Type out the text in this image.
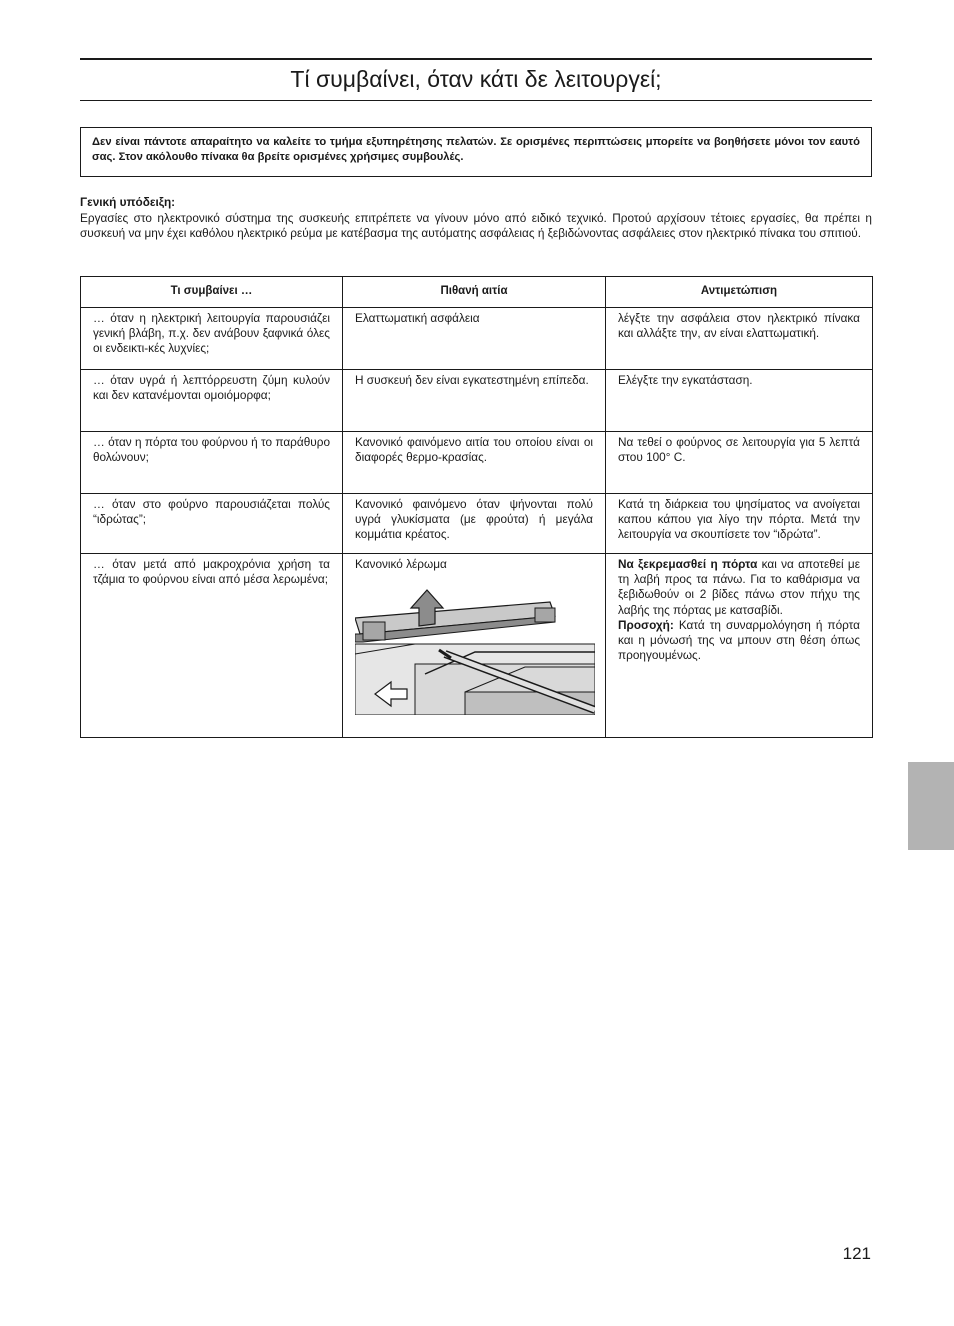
Tί συμβαίνει, όταν κάτι δε λειτουργεί;
Δεν είναι πάντοτε απαραίτητο να καλείτε το τμήμα εξυπηρέτησης πελατών. Σε ορισμένες περιπτώσεις μπορείτε να βοηθήσετε μόνοι τον εαυτό σας. Στον ακόλουθο πίνακα θα βρείτε ορισμένες χρήσιμες συμβουλές.
Γενική υπόδειξη:
Εργασίες στο ηλεκτρονικό σύστημα της συσκευής επιτρέπετε να γίνουν μόνο από ειδικό τεχνικό. Προτού αρχίσουν τέτοιες εργασίες, θα πρέπει η συσκευή να μην έχει καθόλου ηλεκτρικό ρεύμα με κατέβασμα της αυτόματης ασφάλειας ή ξεβιδώνοντας ασφάλειες στον ηλεκτρικό πίνακα του σπιτιού.
Τι συμβαίνει …	Πιθανή αιτία	Αντιμετώπιση
… όταν η ηλεκτρική λειτουργία παρουσιάζει γενική βλάβη, π.χ. δεν ανάβουν ξαφνικά όλες οι ενδεικτι-κές λυχνίες;	Ελαττωματική ασφάλεια	λέγξτε την ασφάλεια στον ηλεκτρικό πίνακα και αλλάξτε την, αν είναι ελαττωματική.
… όταν υγρά ή λεπτόρρευστη ζύμη κυλούν και δεν κατανέμονται ομοιόμορφα;	Η συσκευή δεν είναι εγκατεστημένη επίπεδα.	Ελέγξτε την εγκατάσταση.
… όταν η πόρτα του φούρνου ή το παράθυρο θολώνουν;	Κανονικό φαινόμενο αιτία του οποίου είναι οι διαφορές θερμο-κρασίας.	Να τεθεί ο φούρνος σε λειτουργία για 5 λεπτά στου 100° C.
… όταν στο φούρνο παρουσιάζεται πολύς “ιδρώτας”;	Κανονικό φαινόμενο όταν ψήνονται πολύ υγρά γλυκίσματα (με φρούτα) ή μεγάλα κομμάτια κρέατος.	Κατά τη διάρκεια του ψησίματος να ανοίγεται καπου κάπου για λίγο την πόρτα. Μετά την λειτουργία να σκουπίσετε τον “ιδρώτα”.
… όταν μετά από μακροχρόνια χρήση τα τζάμια το φούρνου είναι από μέσα λερωμένα;	Κανονικό λέρωμα	Να ξεκρεμασθεί η πόρτα και να αποτεθεί με τη λαβή προς τα πάνω. Για το καθάρισμα να ξεβιδωθούν οι 2 βίδες πάνω στον πήχυ της λαβής της πόρτας με κατσαβίδι.
Προσοχή: Κατά τη συναρμολόγηση ή πόρτα και η μόνωσή της να μπουν στη θέση όπως προηγουμένως.
121
